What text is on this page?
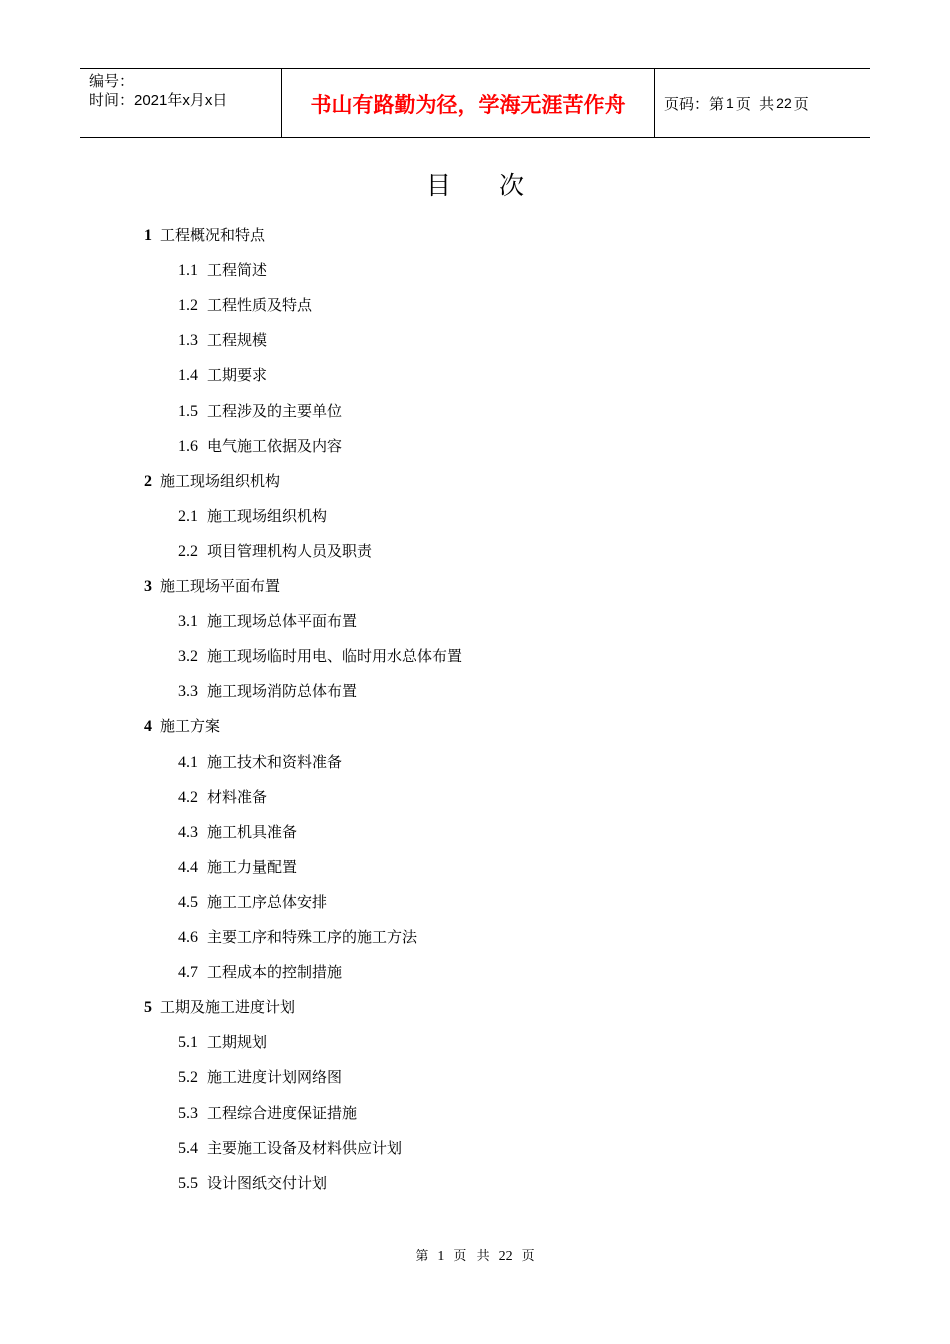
编号：
时间：2021年x月x日	书山有路勤为径，学海无涯苦作舟	页码：第 1 页  共 22 页
目 次
1 工程概况和特点
1.1 工程简述
1.2 工程性质及特点
1.3 工程规模
1.4 工期要求
1.5 工程涉及的主要单位
1.6 电气施工依据及内容
2 施工现场组织机构
2.1 施工现场组织机构
2.2 项目管理机构人员及职责
3 施工现场平面布置
3.1 施工现场总体平面布置
3.2 施工现场临时用电、临时用水总体布置
3.3 施工现场消防总体布置
4 施工方案
4.1 施工技术和资料准备
4.2 材料准备
4.3 施工机具准备
4.4 施工力量配置
4.5 施工工序总体安排
4.6 主要工序和特殊工序的施工方法
4.7 工程成本的控制措施
5 工期及施工进度计划
5.1 工期规划
5.2 施工进度计划网络图
5.3 工程综合进度保证措施
5.4 主要施工设备及材料供应计划
5.5 设计图纸交付计划
第 1 页 共 22 页
